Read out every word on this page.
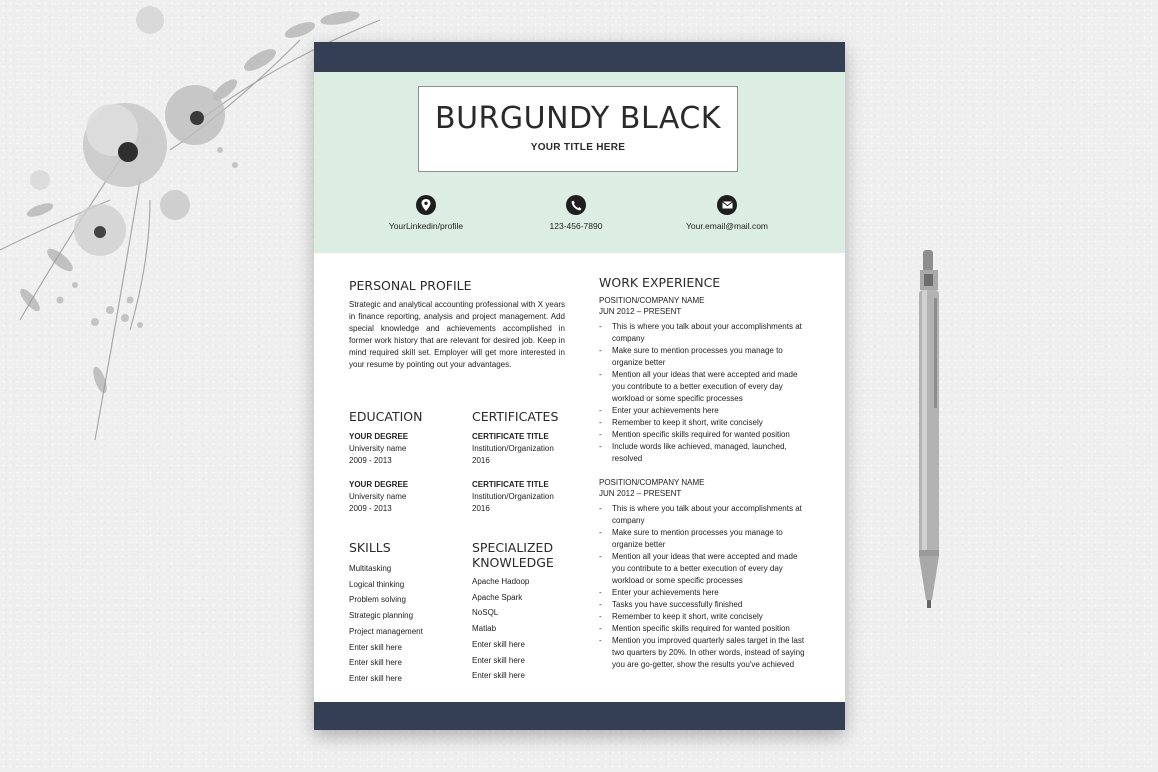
BURGUNDY BLACK
YOUR TITLE HERE
YourLinkedin/profile	123-456-7890	Your.email@mail.com
PERSONAL PROFILE
Strategic and analytical accounting professional with X years in finance reporting, analysis and project management. Add special knowledge and achievements accomplished in former work history that are relevant for desired job. Keep in mind required skill set. Employer will get more interested in your resume by pointing out your advantages.
EDUCATION
YOUR DEGREE
University name
2009 - 2013
YOUR DEGREE
University name
2009 - 2013
CERTIFICATES
CERTIFICATE TITLE
Institution/Organization
2016
CERTIFICATE TITLE
Institution/Organization
2016
SKILLS
Multitasking
Logical thinking
Problem solving
Strategic planning
Project management
Enter skill here
Enter skill here
Enter skill here
SPECIALIZED
KNOWLEDGE
Apache Hadoop
Apache Spark
NoSQL
Matlab
Enter skill here
Enter skill here
Enter skill here
WORK EXPERIENCE
POSITION/COMPANY NAME
JUN 2012 – PRESENT
-	This is where you talk about your accomplishments at company
-	Make sure to mention processes you manage to organize better
-	Mention all your ideas that were accepted and made you contribute to a better execution of every day workload or some specific processes
-	Enter your achievements here
-	Remember to keep it short, write concisely
-	Mention specific skills required for wanted position
-	Include words like achieved, managed, launched, resolved
POSITION/COMPANY NAME
JUN 2012 – PRESENT
-	This is where you talk about your accomplishments at company
-	Make sure to mention processes you manage to organize better
-	Mention all your ideas that were accepted and made you contribute to a better execution of every day workload or some specific processes
-	Enter your achievements here
-	Tasks you have successfully finished
-	Remember to keep it short, write concisely
-	Mention specific skills required for wanted position
-	Mention you improved quarterly sales target in the last two quarters by 20%. In other words, instead of saying you are go-getter, show the results you've achieved
